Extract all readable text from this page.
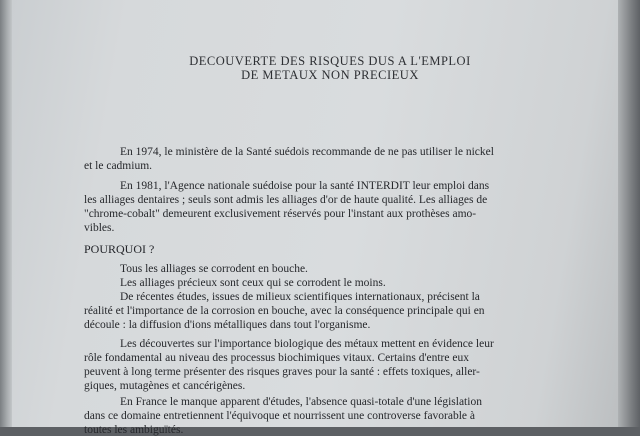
DECOUVERTE DES RISQUES DUS A L'EMPLOI
DE METAUX NON PRECIEUX
En 1974, le ministère de la Santé suédois recommande de ne pas utiliser le nickel
et le cadmium.
En 1981, l'Agence nationale suédoise pour la santé INTERDIT leur emploi dans
les alliages dentaires ; seuls sont admis les alliages d'or de haute qualité. Les alliages de
"chrome-cobalt" demeurent exclusivement réservés pour l'instant aux prothèses amo-
vibles.
POURQUOI ?
Tous les alliages se corrodent en bouche.
Les alliages précieux sont ceux qui se corrodent le moins.
De récentes études, issues de milieux scientifiques internationaux, précisent la
réalité et l'importance de la corrosion en bouche, avec la conséquence principale qui en
découle : la diffusion d'ions métalliques dans tout l'organisme.
Les découvertes sur l'importance biologique des métaux mettent en évidence leur
rôle fondamental au niveau des processus biochimiques vitaux. Certains d'entre eux
peuvent à long terme présenter des risques graves pour la santé : effets toxiques, aller-
giques, mutagènes et cancérigènes.
En France le manque apparent d'études, l'absence quasi-totale d'une législation
dans ce domaine entretiennent l'équivoque et nourrissent une controverse favorable à
toutes les ambiguïtés.
